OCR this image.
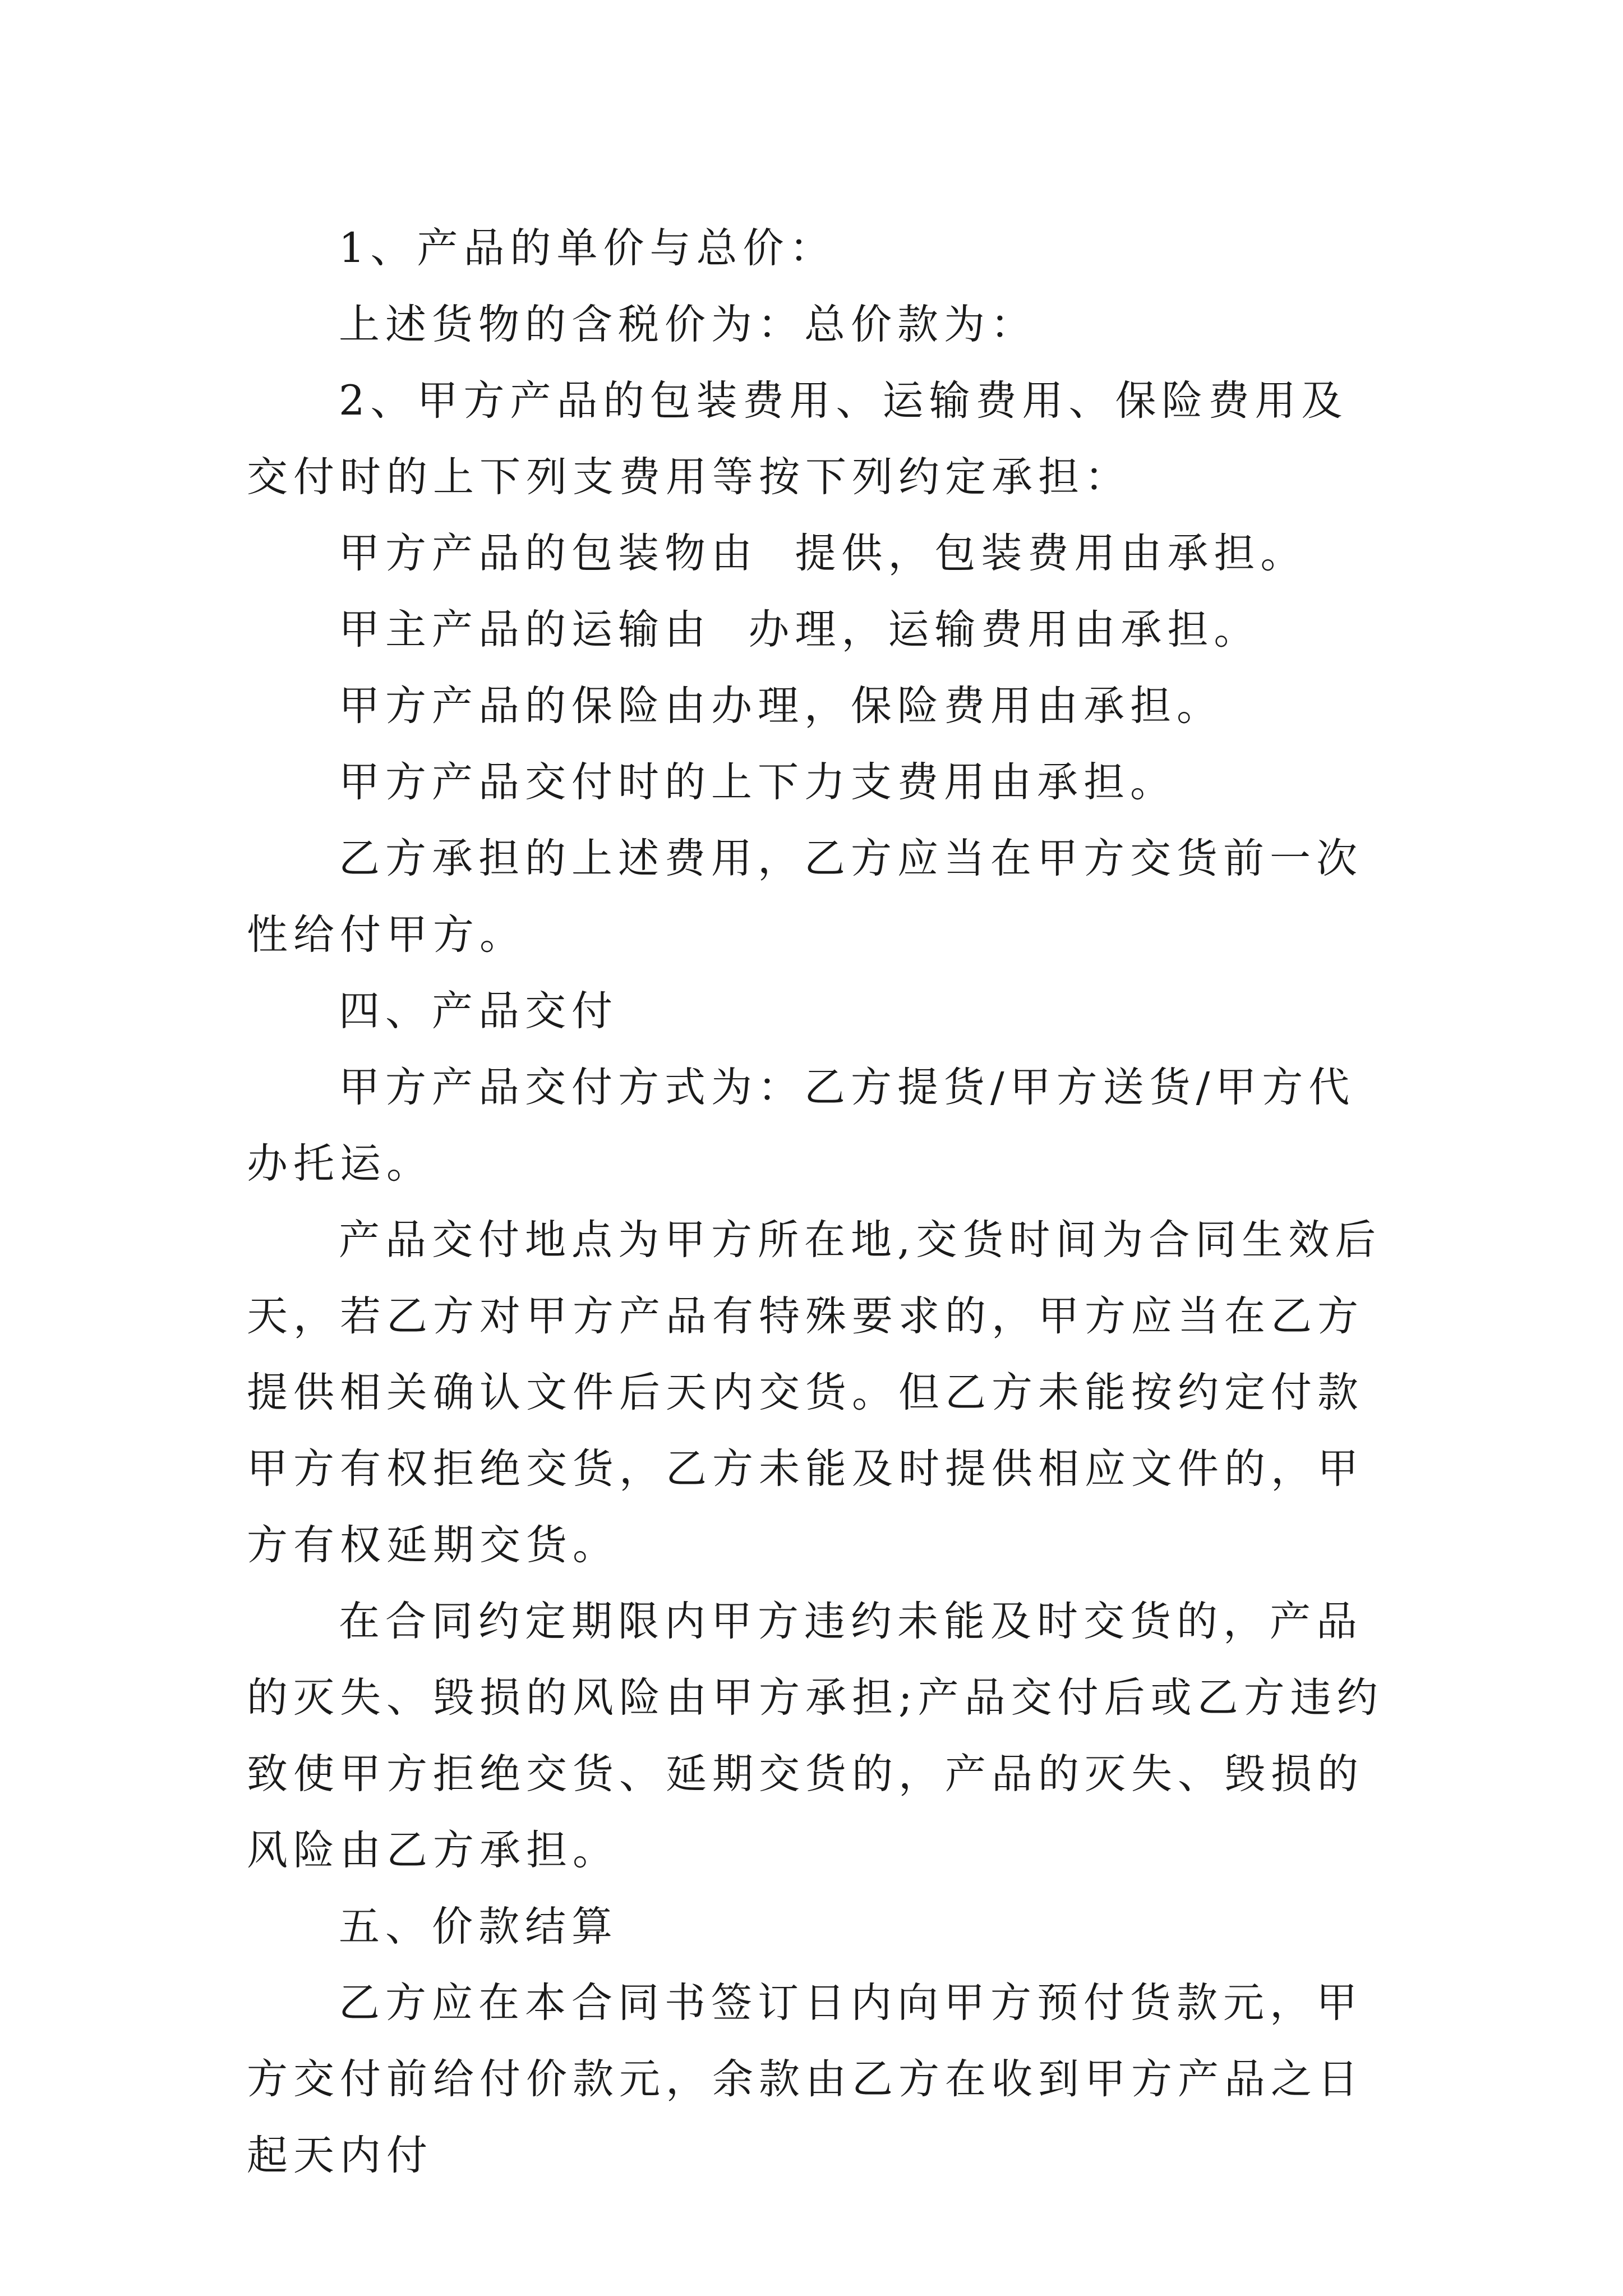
1、产品的单价与总价：

上述货物的含税价为：总价款为：

2、甲方产品的包装费用、运输费用、保险费用及交付时的上下列支费用等按下列约定承担：

甲方产品的包装物由  提供，包装费用由承担。

甲主产品的运输由  办理，运输费用由承担。

甲方产品的保险由办理，保险费用由承担。

甲方产品交付时的上下力支费用由承担。

乙方承担的上述费用，乙方应当在甲方交货前一次性给付甲方。

四、产品交付

甲方产品交付方式为：乙方提货/甲方送货/甲方代办托运。

产品交付地点为甲方所在地,交货时间为合同生效后天，若乙方对甲方产品有特殊要求的，甲方应当在乙方提供相关确认文件后天内交货。但乙方未能按约定付款甲方有权拒绝交货，乙方未能及时提供相应文件的，甲方有权延期交货。

在合同约定期限内甲方违约未能及时交货的，产品的灭失、毁损的风险由甲方承担;产品交付后或乙方违约致使甲方拒绝交货、延期交货的，产品的灭失、毁损的风险由乙方承担。

五、价款结算

乙方应在本合同书签订日内向甲方预付货款元，甲方交付前给付价款元，余款由乙方在收到甲方产品之日起天内付
